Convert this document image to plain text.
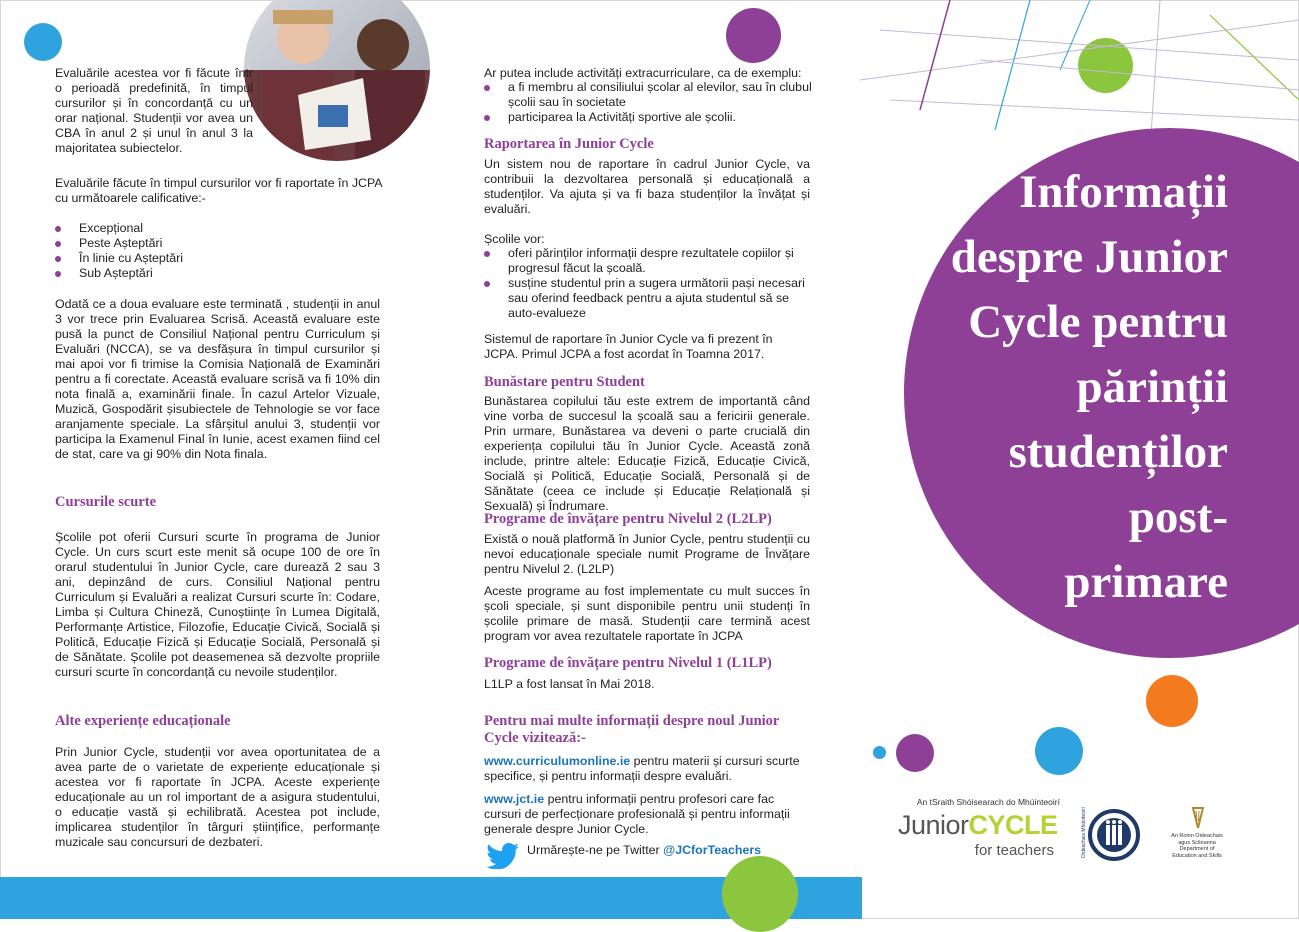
Evaluările acestea vor fi făcute într o perioadă predefinită, în timpul cursurilor și în concordanță cu un orar național. Studenții vor avea un CBA în anul 2 și unul în anul 3 la majoritatea subiectelor.

Evaluările făcute în timpul cursurilor vor fi raportate în JCPA cu următoarele calificative:-

Excepțional
Peste Așteptări
În linie cu Așteptări
Sub Așteptări

Odată ce a doua evaluare este terminată , studenții in anul 3 vor trece prin Evaluarea Scrisă. Această evaluare este pusă la punct de Consiliul Național pentru Curriculum și Evaluări (NCCA), se va desfășura în timpul cursurilor și mai apoi vor fi trimise la Comisia Națională de Examinări pentru a fi corectate. Această evaluare scrisă va fi 10% din nota finală a, examinării finale. În cazul Artelor Vizuale, Muzică, Gospodărit șisubiectele de Tehnologie se vor face aranjamente speciale. La sfârșitul anului 3, studenții vor participa la Examenul Final în Iunie, acest examen fiind cel de stat, care va gi 90% din Nota finala.

Cursurile scurte

Școlile pot oferii Cursuri scurte în programa de Junior Cycle. Un curs scurt este menit să ocupe 100 de ore în orarul studentului în Junior Cycle, care durează 2 sau 3 ani, depinzând de curs. Consiliul Național pentru Curriculum și Evaluări a realizat Cursuri scurte în: Codare, Limba și Cultura Chineză, Cunoștiințe în Lumea Digitală, Performanțe Artistice, Filozofie, Educație Civică, Socială și Politică, Educație Fizică și Educație Socială, Personală și de Sănătate. Școlile pot deasemenea să dezvolte propriile cursuri scurte în concordanță cu nevoile studenților.

Alte experiențe educaționale

Prin Junior Cycle, studenții vor avea oportunitatea de a avea parte de o varietate de experiențe educaționale și acestea vor fi raportate în JCPA. Aceste experiențe educaționale au un rol important de a asigura studentului, o educație vastă și echilibrată. Acestea pot include, implicarea studenților în târguri științifice, performanțe muzicale sau concursuri de dezbateri.

Ar putea include activități extracurriculare, ca de exemplu:

a fi membru al consiliului școlar al elevilor, sau în clubul școlii sau în societate
participarea la Activități sportive ale școlii.

Raportarea în Junior Cycle

Un sistem nou de raportare în cadrul Junior Cycle, va contribuii la dezvoltarea personală și educațională a studenților. Va ajuta și va fi baza studenților la învățat și evaluări.

Școlile vor:

oferi părinților informații despre rezultatele copiilor și progresul făcut la școală.
susține studentul prin a sugera următorii pași necesari sau oferind feedback pentru a ajuta studentul să se auto-evalueze

Sistemul de raportare în Junior Cycle va fi prezent în JCPA. Primul JCPA a fost acordat în Toamna 2017.

Bunăstare pentru Student

Bunăstarea copilului tău este extrem de importantă când vine vorba de succesul la școală sau a fericirii generale. Prin urmare, Bunăstarea va deveni o parte crucială din experiența copilului tău în Junior Cycle. Această zonă include, printre altele: Educație Fizică, Educație Civică, Socială și Politică, Educație Socială, Personală și de Sănătate (ceea ce include și Educație Relațională și Sexuală) și Îndrumare.

Programe de învățare pentru Nivelul 2 (L2LP)

Există o nouă platformă în Junior Cycle, pentru studenții cu nevoi educaționale speciale numit Programe de Învățare pentru Nivelul 2. (L2LP)

Aceste programe au fost implementate cu mult succes în școli speciale, și sunt disponibile pentru unii studenți în școlile primare de masă. Studenții care termină acest program vor avea rezultatele raportate în JCPA

Programe de învățare pentru Nivelul 1 (L1LP)

L1LP a fost lansat în Mai 2018.

Pentru mai multe informații despre noul Junior Cycle vizitează:-

www.curriculumonline.ie pentru materii și cursuri scurte specifice, și pentru informații despre evaluări.

www.jct.ie pentru informații pentru profesori care fac cursuri de perfecționare profesională și pentru informații generale despre Junior Cycle.

Urmărește-ne pe Twitter @JCforTeachers

Informații
despre Junior
Cycle pentru
părinții
studenților
post-
primare
An tSraith Shóisearach do Mhúinteoirí
JuniorCYCLE
for teachers	Oideachais Mhúinteoirí	An Roinn Oideachais
agus Scileanna
Department of
Education and Skills
